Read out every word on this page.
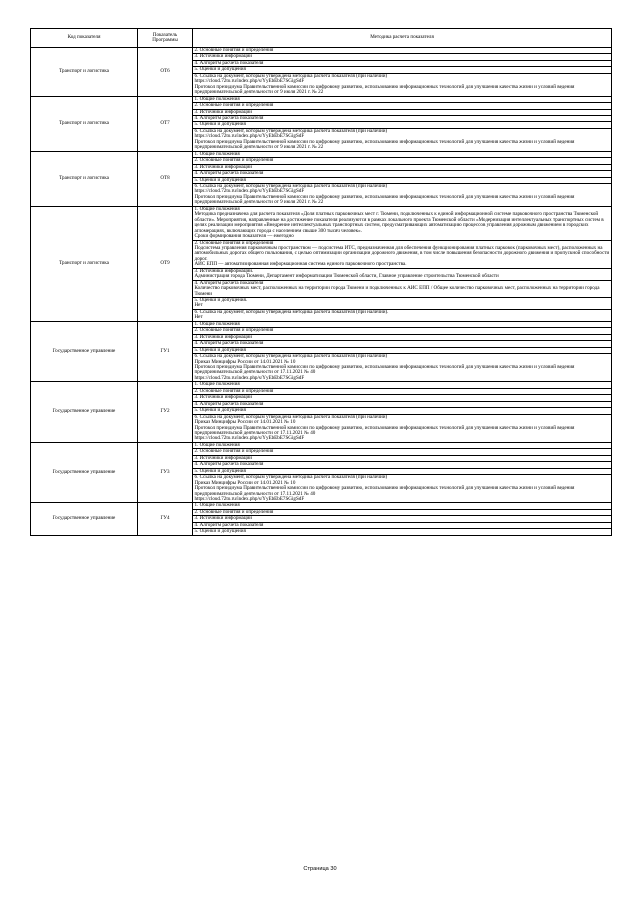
Код показателя	Показатель Программы	Методика расчета показателя
Транспорт и логистика	ОТ6	2. Основные понятия и определения
		3. Источники информации
		4. Алгоритм расчета показателя
		5. Оценки и допущения
		6. Ссылка на документ, которым утверждена методика расчёта показателя (при наличии)
https://cloud.72to.ru/index.php/s/YyEbEbE7SGigSdF
Протокол президиума Правительственной комиссии по цифровому развитию, использованию информационных технологий для улучшения качества жизни и условий ведения предпринимательской деятельности от 9 июля 2021 г. № 22
Транспорт и логистика	ОТ7	1. Общие положения
		2. Основные понятия и определения
		3. Источники информации
		4. Алгоритм расчета показателя
		5. Оценки и допущения
		6. Ссылка на документ, которым утверждена методика расчёта показателя (при наличии)
https://cloud.72to.ru/index.php/s/YyEbEbE7SGigSdF
Протокол президиума Правительственной комиссии по цифровому развитию, использованию информационных технологий для улучшения качества жизни и условий ведения предпринимательской деятельности от 9 июля 2021 г. № 22
Транспорт и логистика	ОТ8	1. Общие положения
		2. Основные понятия и определения
		3. Источники информации
		4. Алгоритм расчета показателя
		5. Оценки и допущения
		6. Ссылка на документ, которым утверждена методика расчёта показателя (при наличии)
https://cloud.72to.ru/index.php/s/YyEbEbE7SGigSdF
Протокол президиума Правительственной комиссии по цифровому развитию, использованию информационных технологий для улучшения качества жизни и условий ведения предпринимательской деятельности от 9 июля 2021 г. № 22
Транспорт и логистика	ОТ9	1. Общие положения
Методика предназначена для расчета показателя «Доля платных парковочных мест г. Тюмени, подключенных к единой информационной системе парковочного пространства Тюменской области». Мероприятия, направленные на достижение показателя реализуются в рамках локального проекта Тюменской области «Модернизация интеллектуальных транспортных систем в целях реализации мероприятия «Внедрение интеллектуальных транспортных систем, предусматривающих автоматизацию процессов управления дорожным движением в городских агломерациях, включающих города с населением свыше 300 тысяч человек».
Сроки формирования показателя — ежегодно
		2. Основные понятия и определения
Подсистема управления парковочным пространством — подсистема ИТС, предназначенная для обеспечения функционирования платных парковок (парковочных мест), расположенных на автомобильных дорогах общего пользования, с целью оптимизации организации дорожного движения, в том числе повышения безопасности дорожного движения и пропускной способности дорог.
АИС ЕПП — автоматизированная информационная система единого парковочного пространства.
		3. Источники информации.
Администрация города Тюмени, Департамент информатизации Тюменской области, Главное управление строительства Тюменской области
		4. Алгоритм расчета показателя
Количество парковочных мест, расположенных на территории города Тюмени и подключенных к АИС ЕПП / Общее количество парковочных мест, расположенных на территории города Тюмени
		5. Оценки и допущения.
Нет
		6. Ссылка на документ, которым утверждена методика расчёта показателя (при наличии).
Нет
Государственное управление	ГУ1	1. Общие положения
		2. Основные понятия и определения
		3. Источники информации
		4. Алгоритм расчета показателя
		5. Оценки и допущения
		6. Ссылка на документ, которым утверждена методика расчёта показателя (при наличии)
Приказ Минцифры России от 14.01.2021 № 10
Протокол президиума Правительственной комиссии по цифровому развитию, использованию информационных технологий для улучшения качества жизни и условий ведения предпринимательской деятельности от 17.11.2021 № 40
https://cloud.72to.ru/index.php/s/YyEbEbE7SGigSdF
Государственное управление	ГУ2	1. Общие положения
		2. Основные понятия и определения
		3. Источники информации
		4. Алгоритм расчета показателя
		5. Оценки и допущения
		6. Ссылка на документ, которым утверждена методика расчёта показателя (при наличии)
Приказ Минцифры России от 14.01.2021 № 10
Протокол президиума Правительственной комиссии по цифровому развитию, использованию информационных технологий для улучшения качества жизни и условий ведения предпринимательской деятельности от 17.11.2021 № 40
https://cloud.72to.ru/index.php/s/YyEbEbE7SGigSdF
Государственное управление	ГУ3	1. Общие положения
		2. Основные понятия и определения
		3. Источники информации
		4. Алгоритм расчета показателя
		5. Оценки и допущения
		6. Ссылка на документ, которым утверждена методика расчёта показателя (при наличии)
Приказ Минцифры России от 14.01.2021 № 10
Протокол президиума Правительственной комиссии по цифровому развитию, использованию информационных технологий для улучшения качества жизни и условий ведения предпринимательской деятельности от 17.11.2021 № 40
https://cloud.72to.ru/index.php/s/YyEbEbE7SGigSdF
Государственное управление	ГУ4	1. Общие положения
		2. Основные понятия и определения
		3. Источники информации
		4. Алгоритм расчета показателя
		5. Оценки и допущения
Страница 30
